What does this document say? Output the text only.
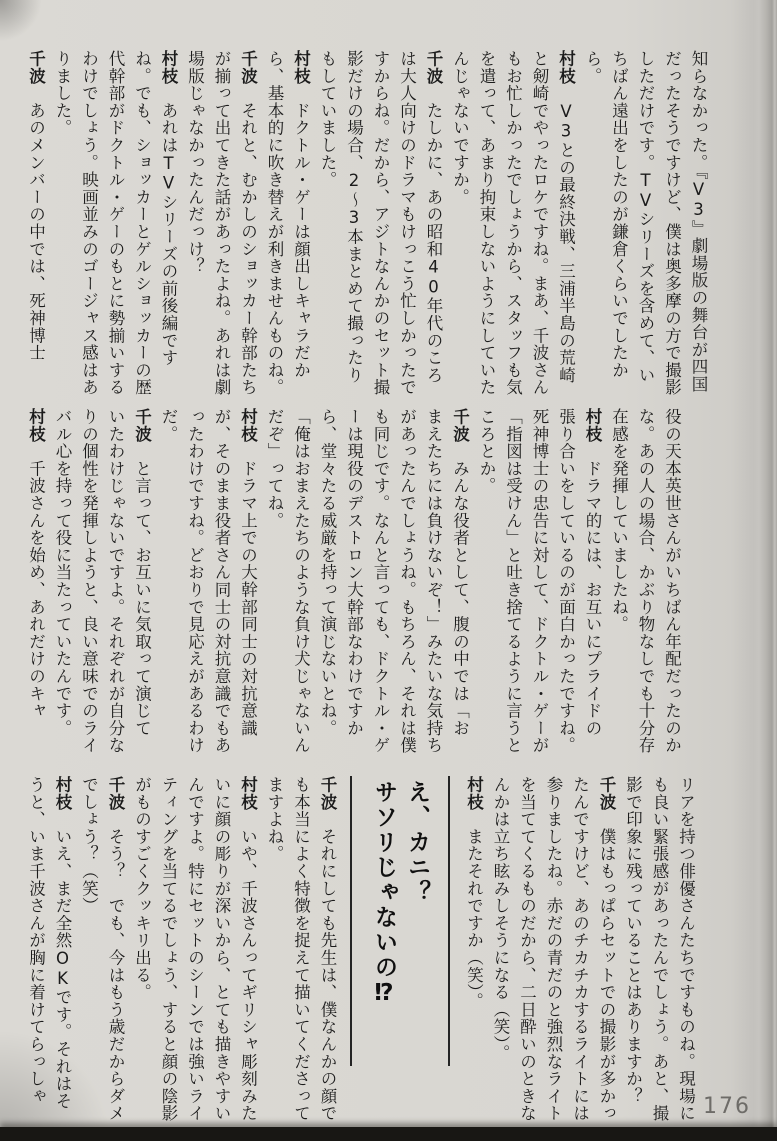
知らなかった。『V3』劇場版の舞台が四国だったそうですけど、僕は奥多摩の方で撮影しただけです。TVシリーズを含めて、いちばん遠出をしたのが鎌倉くらいでしたから。

村枝V3との最終決戦、三浦半島の荒崎と剱崎でやったロケですね。まあ、千波さんもお忙しかったでしょうから、スタッフも気を遣って、あまり拘束しないようにしていたんじゃないですか。

千波たしかに、あの昭和40年代のころは大人向けのドラマもけっこう忙しかったですからね。だから、アジトなんかのセット撮影だけの場合、2〜3本まとめて撮ったりもしていました。

村枝ドクトル・ゲーは顔出しキャラだから、基本的に吹き替えが利きませんものね。

千波それと、むかしのショッカー幹部たちが揃って出てきた話があったよね。あれは劇場版じゃなかったんだっけ？

村枝あれはTVシリーズの前後編ですね。でも、ショッカーとゲルショッカーの歴代幹部がドクトル・ゲーのもとに勢揃いするわけでしょう。映画並みのゴージャス感はありました。

千波あのメンバーの中では、死神博士

役の天本英世さんがいちばん年配だったのかな。あの人の場合、かぶり物なしでも十分存在感を発揮していましたね。

村枝ドラマ的には、お互いにプライドの張り合いをしているのが面白かったですね。死神博士の忠告に対して、ドクトル・ゲーが「指図は受けん」と吐き捨てるように言うところとか。

千波みんな役者として、腹の中では「おまえたちには負けないぞ！」みたいな気持ちがあったんでしょうね。もちろん、それは僕も同じです。なんと言っても、ドクトル・ゲーは現役のデストロン大幹部なわけですから、堂々たる威厳を持って演じないとね。「俺はおまえたちのような負け犬じゃないんだぞ」ってね。

村枝ドラマ上での大幹部同士の対抗意識が、そのまま役者さん同士の対抗意識でもあったわけですね。どおりで見応えがあるわけだ。

千波と言って、お互いに気取って演じていたわけじゃないですよ。それぞれが自分なりの個性を発揮しようと、良い意味でのライバル心を持って役に当たっていたんです。

村枝千波さんを始め、あれだけのキャ

リアを持つ俳優さんたちですものね。現場にも良い緊張感があったんでしょう。あと、撮影で印象に残っていることはありますか？

千波僕はもっぱらセットでの撮影が多かったんですけど、あのチカチカするライトには参りましたね。赤だの青だのと強烈なライトを当ててくるものだから、二日酔いのときなんかは立ち眩みしそうになる（笑）。

村枝またそれですか（笑）。

え、カニ？
サソリじゃないの⁉

千波それにしても先生は、僕なんかの顔でも本当によく特徴を捉えて描いてくださってますよね。

村枝いや、千波さんってギリシャ彫刻みたいに顔の彫りが深いから、とても描きやすいんですよ。特にセットのシーンでは強いライティングを当てるでしょう、すると顔の陰影がものすごくクッキリ出る。

千波そう？　でも、今はもう歳だからダメでしょう？（笑）

村枝いえ、まだ全然OKです。それはそうと、いま千波さんが胸に着けてらっしゃ

176
